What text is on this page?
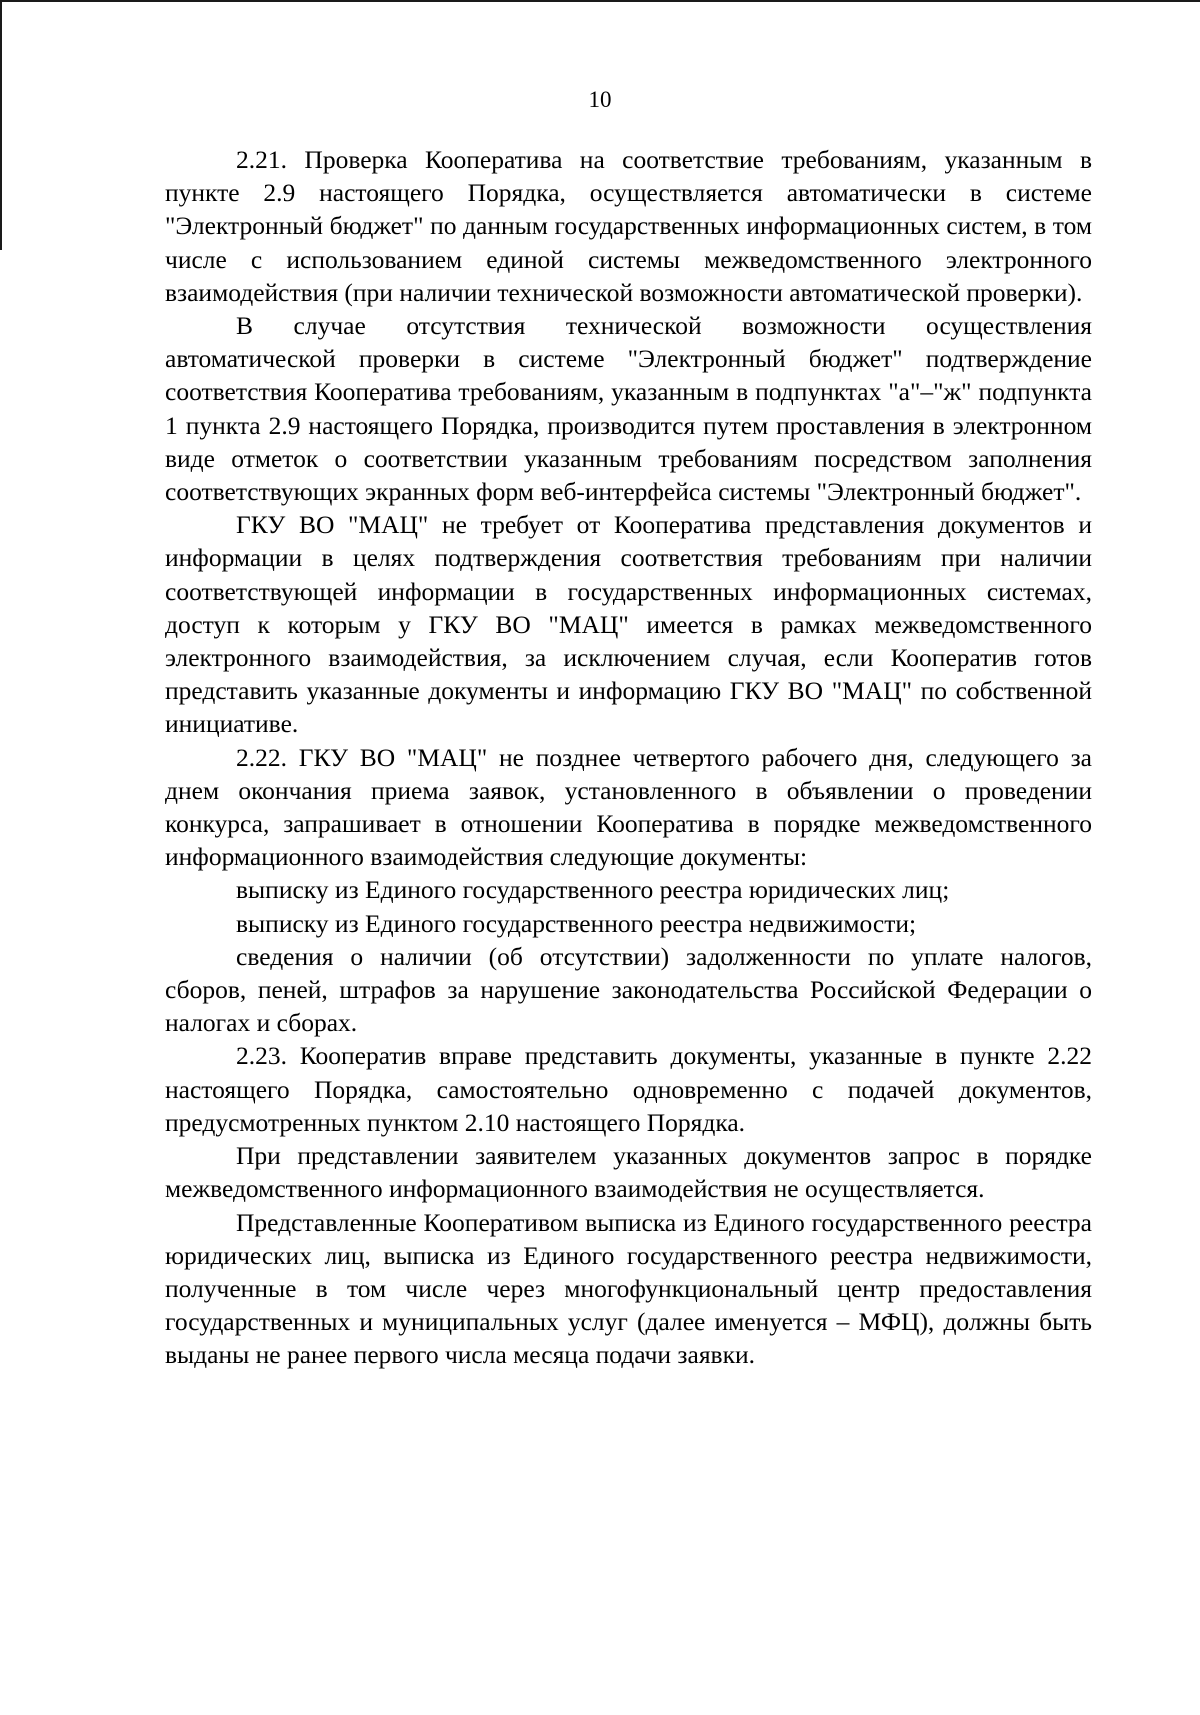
10

2.21. Проверка Кооператива на соответствие требованиям, указанным в пункте 2.9 настоящего Порядка, осуществляется автоматически в системе "Электронный бюджет" по данным государственных информационных систем, в том числе с использованием единой системы межведомственного электронного взаимодействия (при наличии технической возможности автоматической проверки).

В случае отсутствия технической возможности осуществления автоматической проверки в системе "Электронный бюджет" подтверждение соответствия Кооператива требованиям, указанным в подпунктах "а"–"ж" подпункта 1 пункта 2.9 настоящего Порядка, производится путем проставления в электронном виде отметок о соответствии указанным требованиям посредством заполнения соответствующих экранных форм веб-интерфейса системы "Электронный бюджет".

ГКУ ВО "МАЦ" не требует от Кооператива представления документов и информации в целях подтверждения соответствия требованиям при наличии соответствующей информации в государственных информационных системах, доступ к которым у ГКУ ВО "МАЦ" имеется в рамках межведомственного электронного взаимодействия, за исключением случая, если Кооператив готов представить указанные документы и информацию ГКУ ВО "МАЦ" по собственной инициативе.

2.22. ГКУ ВО "МАЦ" не позднее четвертого рабочего дня, следующего за днем окончания приема заявок, установленного в объявлении о проведении конкурса, запрашивает в отношении Кооператива в порядке межведомственного информационного взаимодействия следующие документы:

выписку из Единого государственного реестра юридических лиц;

выписку из Единого государственного реестра недвижимости;

сведения о наличии (об отсутствии) задолженности по уплате налогов, сборов, пеней, штрафов за нарушение законодательства Российской Федерации о налогах и сборах.

2.23. Кооператив вправе представить документы, указанные в пункте 2.22 настоящего Порядка, самостоятельно одновременно с подачей документов, предусмотренных пунктом 2.10 настоящего Порядка.

При представлении заявителем указанных документов запрос в порядке межведомственного информационного взаимодействия не осуществляется.

Представленные Кооперативом выписка из Единого государственного реестра юридических лиц, выписка из Единого государственного реестра недвижимости, полученные в том числе через многофункциональный центр предоставления государственных и муниципальных услуг (далее именуется – МФЦ), должны быть выданы не ранее первого числа месяца подачи заявки.
